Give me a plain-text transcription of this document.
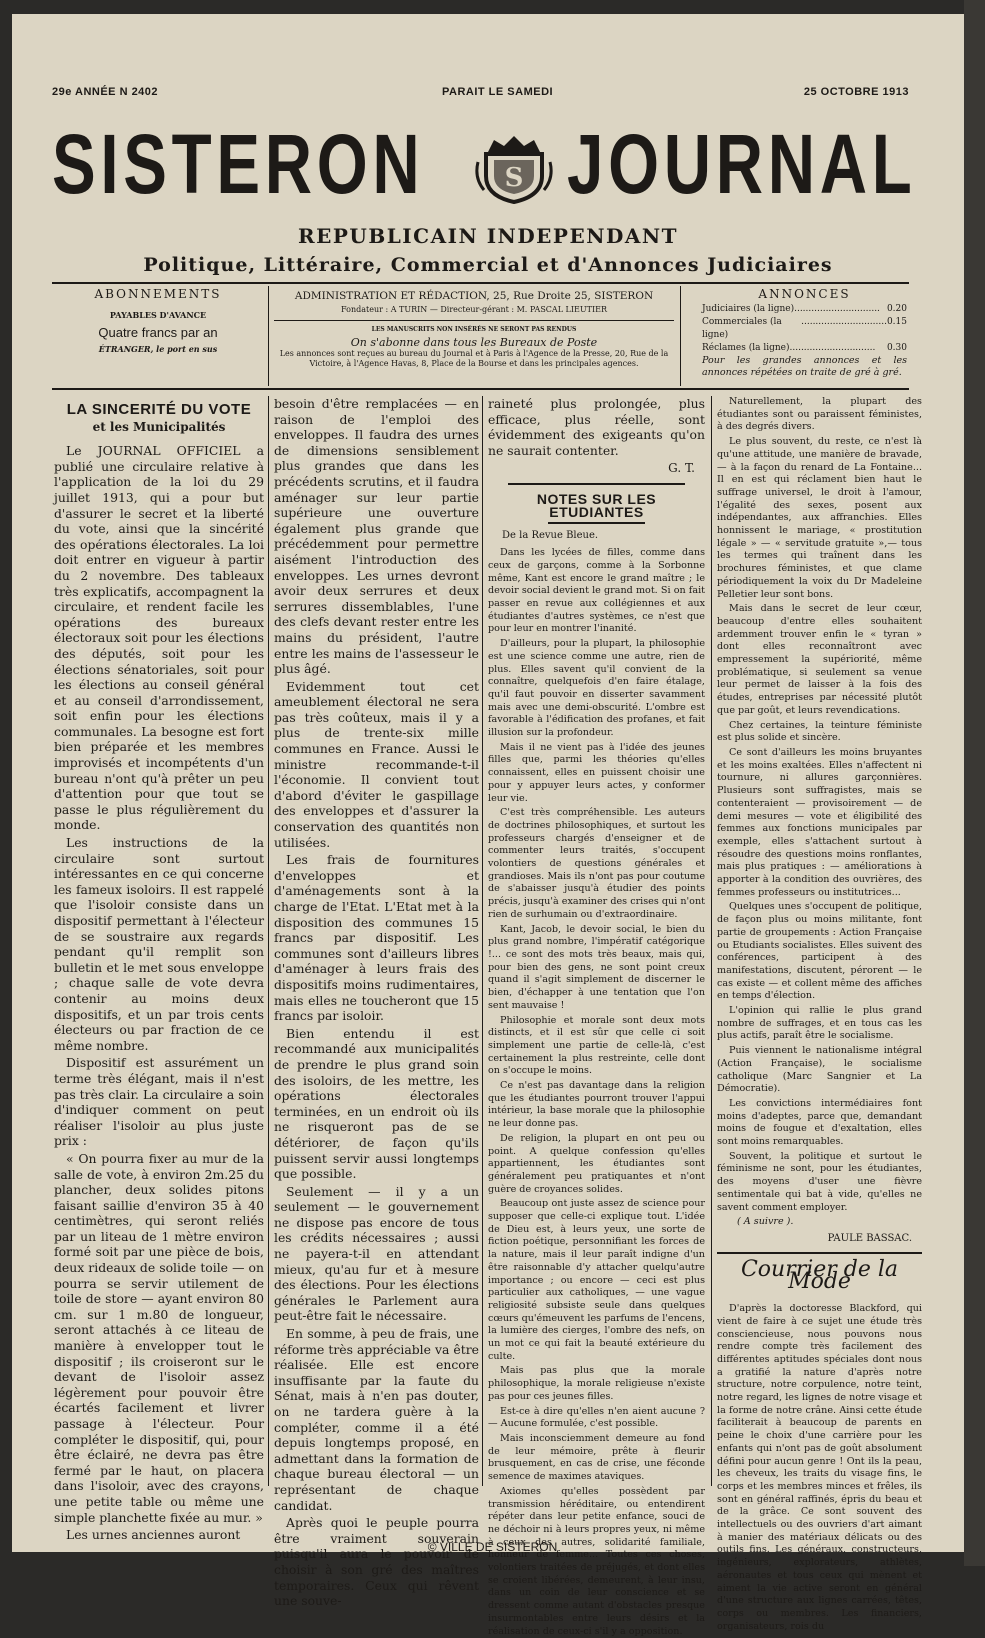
29e ANNÉE N 2402	PARAIT LE SAMEDI	25 OCTOBRE 1913
SISTERON	S JOURNAL
REPUBLICAIN INDEPENDANT
Politique, Littéraire, Commercial et d'Annonces Judiciaires
ABONNEMENTS
PAYABLES D'AVANCE
Quatre francs par an
ÉTRANGER, le port en sus
ADMINISTRATION ET RÉDACTION, 25, Rue Droite 25, SISTERON
Fondateur : A TURIN — Directeur-gérant : M. PASCAL LIEUTIER
LES MANUSCRITS NON INSÉRÉS NE SERONT PAS RENDUS
On s'abonne dans tous les Bureaux de Poste
Les annonces sont reçues au bureau du Journal et à Paris à l'Agence de la Presse, 20, Rue de la Victoire, à l'Agence Havas, 8, Place de la Bourse et dans les principales agences.
ANNONCES
Judiciaires (la ligne) .............................. 0.20
Commerciales (la ligne)
.............................. 0.15
Réclames (la ligne) ..............................	0.30
Pour les grandes annonces et les annonces répétées on traite de gré à gré.
LA SINCERITÉ DU VOTE
et les Municipalités

Le JOURNAL OFFICIEL a publié une circulaire relative à l'application de la loi du 29 juillet 1913, qui a pour but d'assurer le secret et la liberté du vote, ainsi que la sincérité des opérations électorales. La loi doit entrer en vigueur à partir du 2 novembre. Des tableaux très explicatifs, accompagnent la circulaire, et rendent facile les opérations des bureaux électoraux soit pour les élections des députés, soit pour les élections sénatoriales, soit pour les élections au conseil général et au conseil d'arrondissement, soit enfin pour les élections communales. La besogne est fort bien préparée et les membres improvisés et incompétents d'un bureau n'ont qu'à prêter un peu d'attention pour que tout se passe le plus régulièrement du monde.

Les instructions de la circulaire sont surtout intéressantes en ce qui concerne les fameux isoloirs. Il est rappelé que l'isoloir consiste dans un dispositif permettant à l'électeur de se soustraire aux regards pendant qu'il remplit son bulletin et le met sous enveloppe ; chaque salle de vote devra contenir au moins deux dispositifs, et un par trois cents électeurs ou par fraction de ce même nombre.

Dispositif est assurément un terme très élégant, mais il n'est pas très clair. La circulaire a soin d'indiquer comment on peut réaliser l'isoloir au plus juste prix :

« On pourra fixer au mur de la salle de vote, à environ 2m.25 du plancher, deux solides pitons faisant saillie d'environ 35 à 40 centimètres, qui seront reliés par un liteau de 1 mètre environ formé soit par une pièce de bois, deux rideaux de solide toile — on pourra se servir utilement de toile de store — ayant environ 80 cm. sur 1 m.80 de longueur, seront attachés à ce liteau de manière à envelopper tout le dispositif ; ils croiseront sur le devant de l'isoloir assez légèrement pour pouvoir être écartés facilement et livrer passage à l'électeur. Pour compléter le dispositif, qui, pour être éclairé, ne devra pas être fermé par le haut, on placera dans l'isoloir, avec des crayons, une petite table ou même une simple planchette fixée au mur. »

Les urnes anciennes auront

besoin d'être remplacées — en raison de l'emploi des enveloppes. Il faudra des urnes de dimensions sensiblement plus grandes que dans les précédents scrutins, et il faudra aménager sur leur partie supérieure une ouverture également plus grande que précédemment pour permettre aisément l'introduction des enveloppes. Les urnes devront avoir deux serrures et deux serrures dissemblables, l'une des clefs devant rester entre les mains du président, l'autre entre les mains de l'assesseur le plus âgé.

Evidemment tout cet ameublement électoral ne sera pas très coûteux, mais il y a plus de trente-six mille communes en France. Aussi le ministre recommande-t-il l'économie. Il convient tout d'abord d'éviter le gaspillage des enveloppes et d'assurer la conservation des quantités non utilisées.

Les frais de fournitures d'enveloppes et d'aménagements sont à la charge de l'Etat. L'Etat met à la disposition des communes 15 francs par dispositif. Les communes sont d'ailleurs libres d'aménager à leurs frais des dispositifs moins rudimentaires, mais elles ne toucheront que 15 francs par isoloir.

Bien entendu il est recommandé aux municipalités de prendre le plus grand soin des isoloirs, de les mettre, les opérations électorales terminées, en un endroit où ils ne risqueront pas de se détériorer, de façon qu'ils puissent servir aussi longtemps que possible.

Seulement — il y a un seulement — le gouvernement ne dispose pas encore de tous les crédits nécessaires ; aussi ne payera-t-il en attendant mieux, qu'au fur et à mesure des élections. Pour les élections générales le Parlement aura peut-être fait le nécessaire.

En somme, à peu de frais, une réforme très appréciable va être réalisée. Elle est encore insuffisante par la faute du Sénat, mais à n'en pas douter, on ne tardera guère à la compléter, comme il a été depuis longtemps proposé, en admettant dans la formation de chaque bureau électoral — un représentant de chaque candidat.

Après quoi le peuple pourra être vraiment souverain puisqu'il aura le pouvoir de choisir à son gré des maîtres temporaires. Ceux qui rêvent une souve-

raineté plus prolongée, plus efficace, plus réelle, sont évidemment des exigeants qu'on ne saurait contenter.

G. T.
NOTES SUR LES ETUDIANTES

De la Revue Bleue.

Dans les lycées de filles, comme dans ceux de garçons, comme à la Sorbonne même, Kant est encore le grand maître ; le devoir social devient le grand mot. Si on fait passer en revue aux collégiennes et aux étudiantes d'autres systèmes, ce n'est que pour leur en montrer l'inanité.

D'ailleurs, pour la plupart, la philosophie est une science comme une autre, rien de plus. Elles savent qu'il convient de la connaître, quelquefois d'en faire étalage, qu'il faut pouvoir en disserter savamment mais avec une demi-obscurité. L'ombre est favorable à l'édification des profanes, et fait illusion sur la profondeur.

Mais il ne vient pas à l'idée des jeunes filles que, parmi les théories qu'elles connaissent, elles en puissent choisir une pour y appuyer leurs actes, y conformer leur vie.

C'est très compréhensible. Les auteurs de doctrines philosophiques, et surtout les professeurs chargés d'enseigner et de commenter leurs traités, s'occupent volontiers de questions générales et grandioses. Mais ils n'ont pas pour coutume de s'abaisser jusqu'à étudier des points précis, jusqu'à examiner des crises qui n'ont rien de surhumain ou d'extraordinaire.

Kant, Jacob, le devoir social, le bien du plus grand nombre, l'impératif catégorique !... ce sont des mots très beaux, mais qui, pour bien des gens, ne sont point creux quand il s'agit simplement de discerner le bien, d'échapper à une tentation que l'on sent mauvaise !

Philosophie et morale sont deux mots distincts, et il est sûr que celle ci soit simplement une partie de celle-là, c'est certainement la plus restreinte, celle dont on s'occupe le moins.

Ce n'est pas davantage dans la religion que les étudiantes pourront trouver l'appui intérieur, la base morale que la philosophie ne leur donne pas.

De religion, la plupart en ont peu ou point. A quelque confession qu'elles appartiennent, les étudiantes sont généralement peu pratiquantes et n'ont guère de croyances solides.

Beaucoup ont juste assez de science pour supposer que celle-ci explique tout. L'idée de Dieu est, à leurs yeux, une sorte de fiction poétique, personnifiant les forces de la nature, mais il leur paraît indigne d'un être raisonnable d'y attacher quelqu'autre importance ; ou encore — ceci est plus particulier aux catholiques, — une vague religiosité subsiste seule dans quelques cœurs qu'émeuvent les parfums de l'encens, la lumière des cierges, l'ombre des nefs, on un mot ce qui fait la beauté extérieure du culte.

Mais pas plus que la morale philosophique, la morale religieuse n'existe pas pour ces jeunes filles.

Est-ce à dire qu'elles n'en aient aucune ? — Aucune formulée, c'est possible.

Mais inconsciemment demeure au fond de leur mémoire, prête à fleurir brusquement, en cas de crise, une féconde semence de maximes ataviques.

Axiomes qu'elles possèdent par transmission héréditaire, ou entendirent répéter dans leur petite enfance, souci de ne déchoir ni à leurs propres yeux, ni même à ceux des autres, solidarité familiale, honneur de femme... Toutes ces choses, volontiers traitées de préjugés, et dont elles se croient libérées, demeurent, à leur insu, dans un coin de leur conscience et se dressent comme autant d'obstacles presque insurmontables entre leurs désirs et la réalisation de ceux-ci s'il y a opposition.

Naturellement, la plupart des étudiantes sont ou paraissent féministes, à des degrés divers.

Le plus souvent, du reste, ce n'est là qu'une attitude, une manière de bravade, — à la façon du renard de La Fontaine... Il en est qui réclament bien haut le suffrage universel, le droit à l'amour, l'égalité des sexes, posent aux indépendantes, aux affranchies. Elles honnissent le mariage, « prostitution légale » — « servitude gratuite »,— tous les termes qui traînent dans les brochures féministes, et que clame périodiquement la voix du Dr Madeleine Pelletier leur sont bons.

Mais dans le secret de leur cœur, beaucoup d'entre elles souhaitent ardemment trouver enfin le « tyran » dont elles reconnaîtront avec empressement la supériorité, même problématique, si seulement sa venue leur permet de laisser à la fois des études, entreprises par nécessité plutôt que par goût, et leurs revendications.

Chez certaines, la teinture féministe est plus solide et sincère.

Ce sont d'ailleurs les moins bruyantes et les moins exaltées. Elles n'affectent ni tournure, ni allures garçonnières. Plusieurs sont suffragistes, mais se contenteraient — provisoirement — de demi mesures — vote et éligibilité des femmes aux fonctions municipales par exemple, elles s'attachent surtout à résoudre des questions moins ronflantes, mais plus pratiques : — améliorations à apporter à la condition des ouvrières, des femmes professeurs ou institutrices...

Quelques unes s'occupent de politique, de façon plus ou moins militante, font partie de groupements : Action Française ou Etudiants socialistes. Elles suivent des conférences, participent à des manifestations, discutent, pérorent — le cas existe — et collent même des affiches en temps d'élection.

L'opinion qui rallie le plus grand nombre de suffrages, et en tous cas les plus actifs, paraît être le socialisme.

Puis viennent le nationalisme intégral (Action Française), le socialisme catholique (Marc Sangnier et La Démocratie).

Les convictions intermédiaires font moins d'adeptes, parce que, demandant moins de fougue et d'exaltation, elles sont moins remarquables.

Souvent, la politique et surtout le féminisme ne sont, pour les étudiantes, des moyens d'user une fièvre sentimentale qui bat à vide, qu'elles ne savent comment employer.

( A suivre ).

PAULE BASSAC.
Courrier de la Mode

D'après la doctoresse Blackford, qui vient de faire à ce sujet une étude très consciencieuse, nous pouvons nous rendre compte très facilement des différentes aptitudes spéciales dont nous a gratifié la nature d'après notre structure, notre corpulence, notre teint, notre regard, les lignes de notre visage et la forme de notre crâne. Ainsi cette étude faciliterait à beaucoup de parents en peine le choix d'une carrière pour les enfants qui n'ont pas de goût absolument défini pour aucun genre ! Ont ils la peau, les cheveux, les traits du visage fins, le corps et les membres minces et frêles, ils sont en général raffinés, épris du beau et de la grâce. Ce sont souvent des intellectuels ou des ouvriers d'art aimant à manier des matériaux délicats ou des outils fins. Les généraux, constructeurs, ingénieurs, explorateurs, athlètes, aéronautes et tous ceux qui mènent et aiment la vie active seront en général d'une structure aux lignes carrées, têtes, corps ou membres. Les financiers, organisateurs, rois du

© VILLE DE SISTERON
